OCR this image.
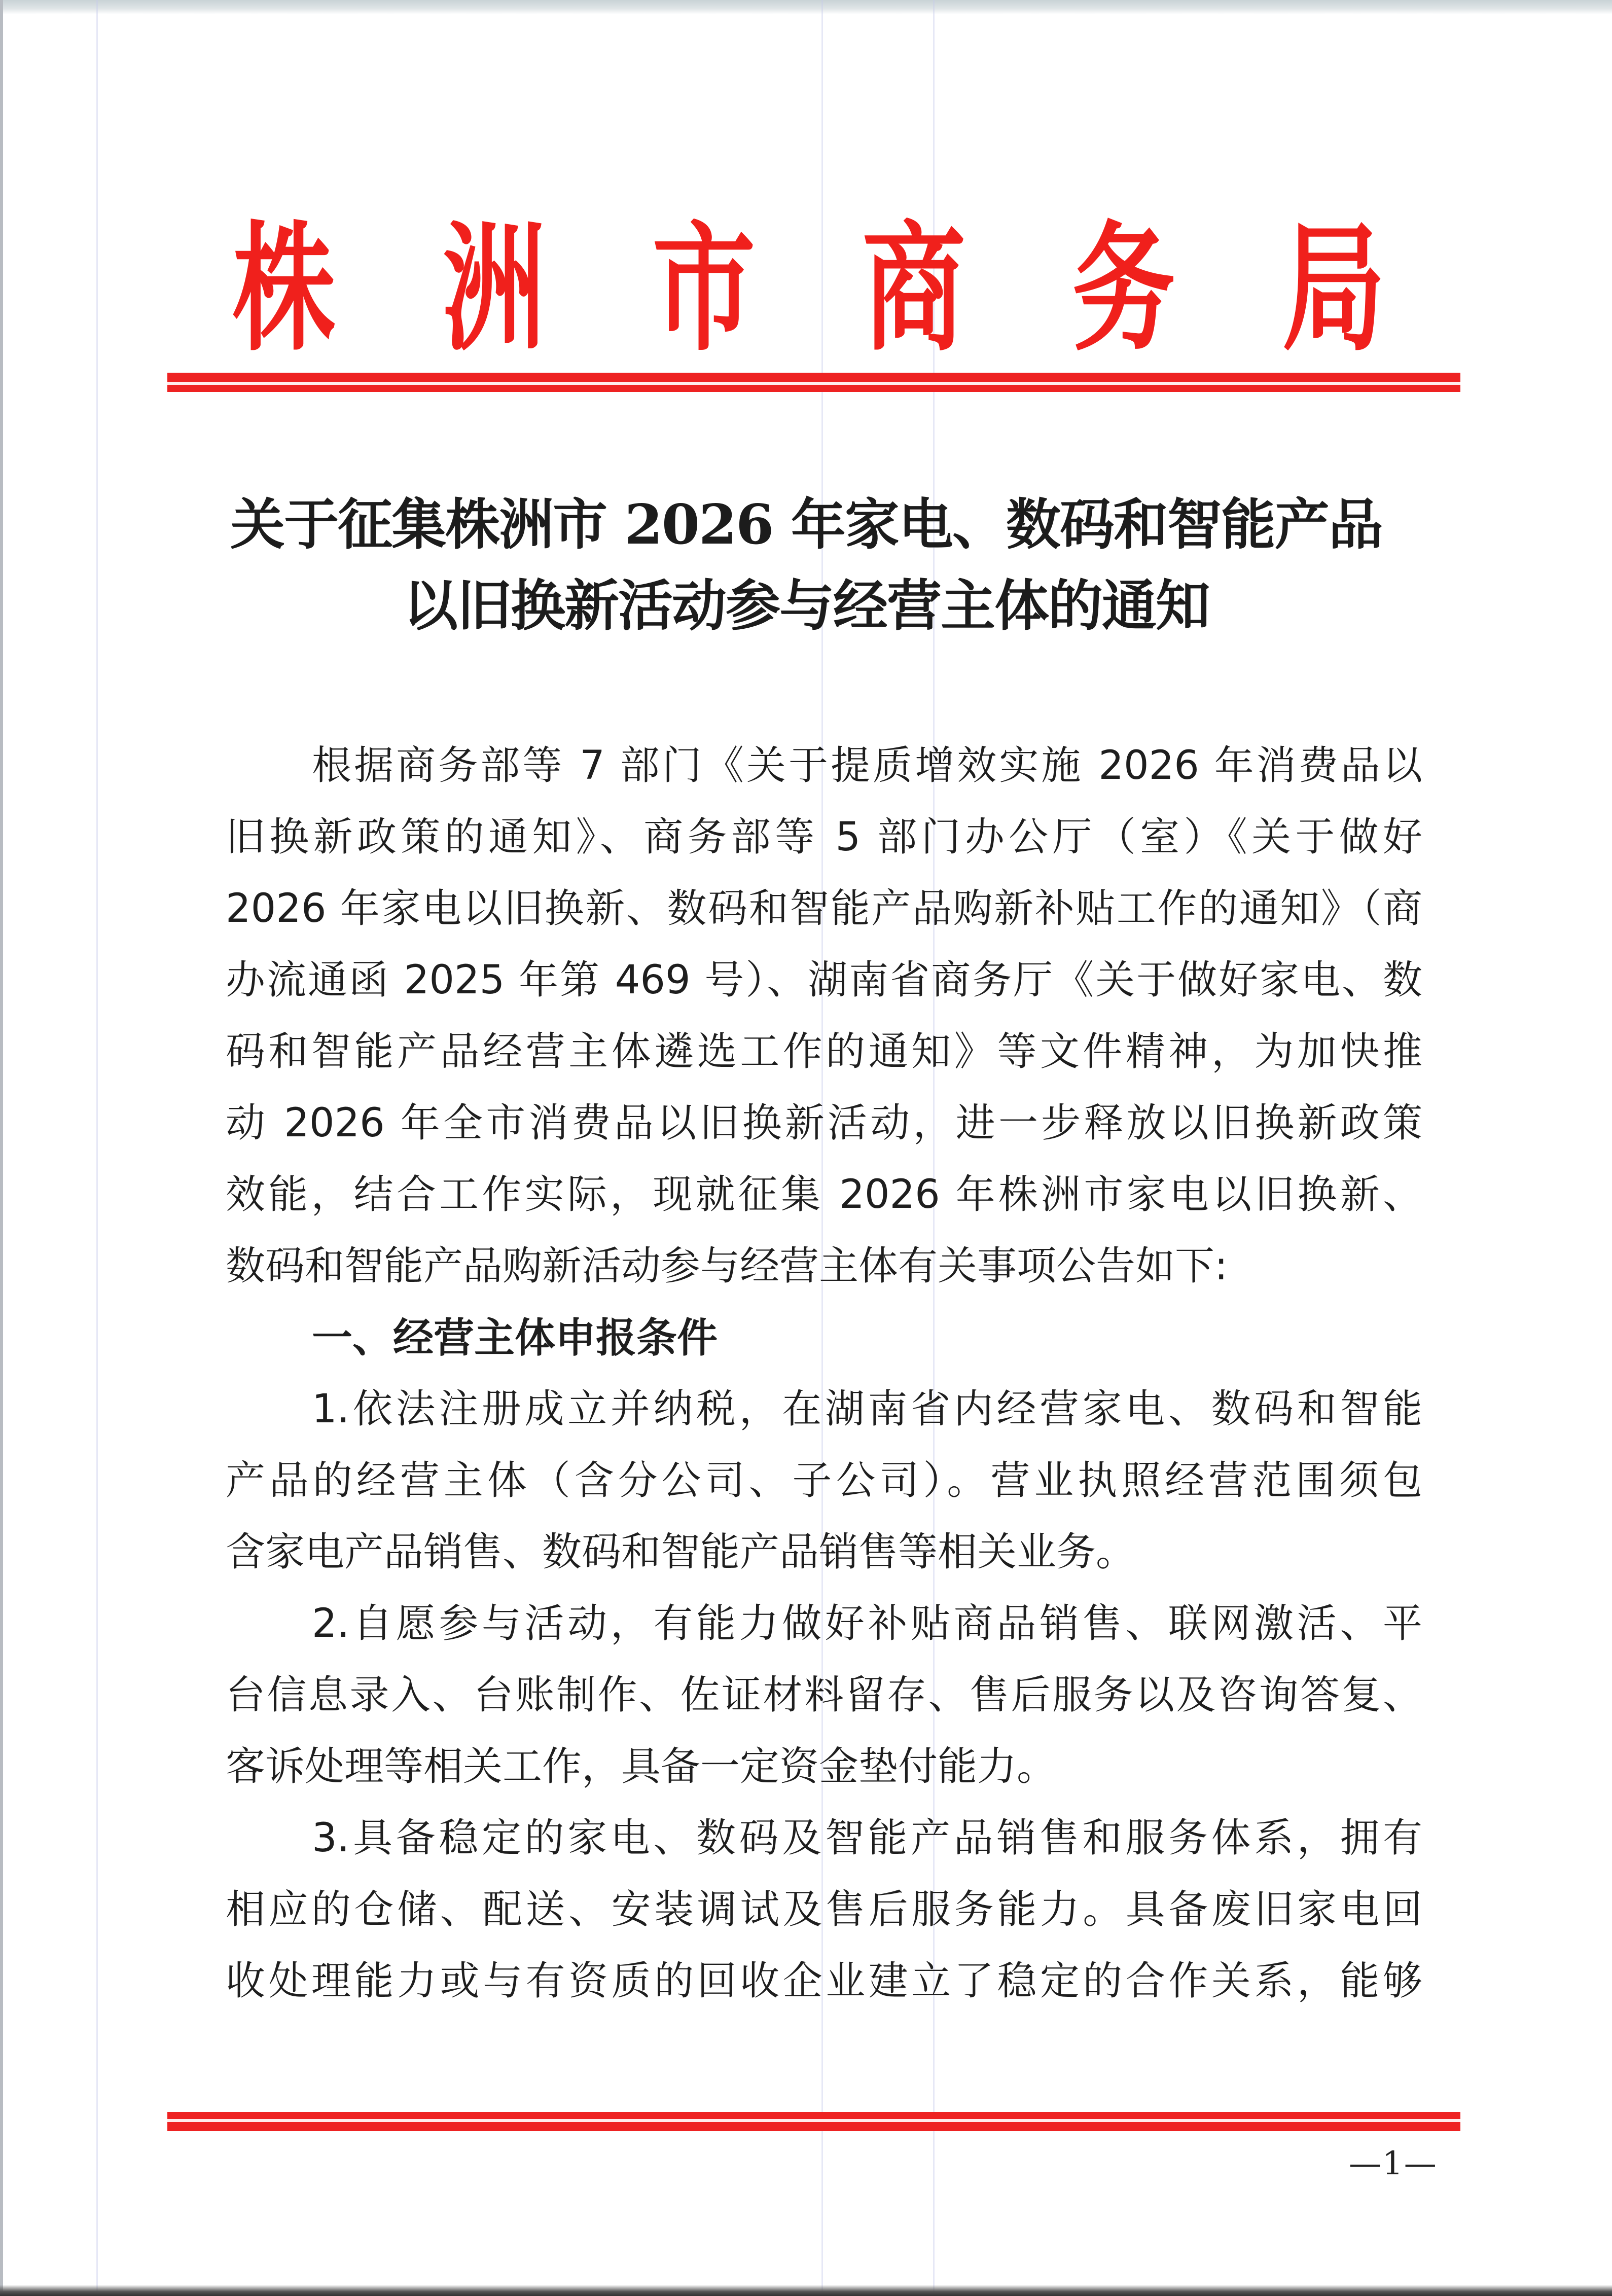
株 洲 市 商 务 局
关于征集株洲市 2026 年家电、数码和智能产品
以旧换新活动参与经营主体的通知
根据商务部等 7 部门《关于提质增效实施 2026 年消费品以
旧换新政策的通知》、商务部等 5 部门办公厅（室）《关于做好
2026 年家电以旧换新、数码和智能产品购新补贴工作的通知》（商
办流通函 2025 年第 469 号）、湖南省商务厅《关于做好家电、数
码和智能产品经营主体遴选工作的通知》等文件精神，为加快推
动 2026 年全市消费品以旧换新活动，进一步释放以旧换新政策
效能，结合工作实际，现就征集 2026 年株洲市家电以旧换新、
数码和智能产品购新活动参与经营主体有关事项公告如下:
一、经营主体申报条件
1.依法注册成立并纳税，在湖南省内经营家电、数码和智能
产品的经营主体（含分公司、子公司）。营业执照经营范围须包
含家电产品销售、数码和智能产品销售等相关业务。
2.自愿参与活动，有能力做好补贴商品销售、联网激活、平
台信息录入、台账制作、佐证材料留存、售后服务以及咨询答复、
客诉处理等相关工作，具备一定资金垫付能力。
3.具备稳定的家电、数码及智能产品销售和服务体系，拥有
相应的仓储、配送、安装调试及售后服务能力。具备废旧家电回
收处理能力或与有资质的回收企业建立了稳定的合作关系，能够
—1—
